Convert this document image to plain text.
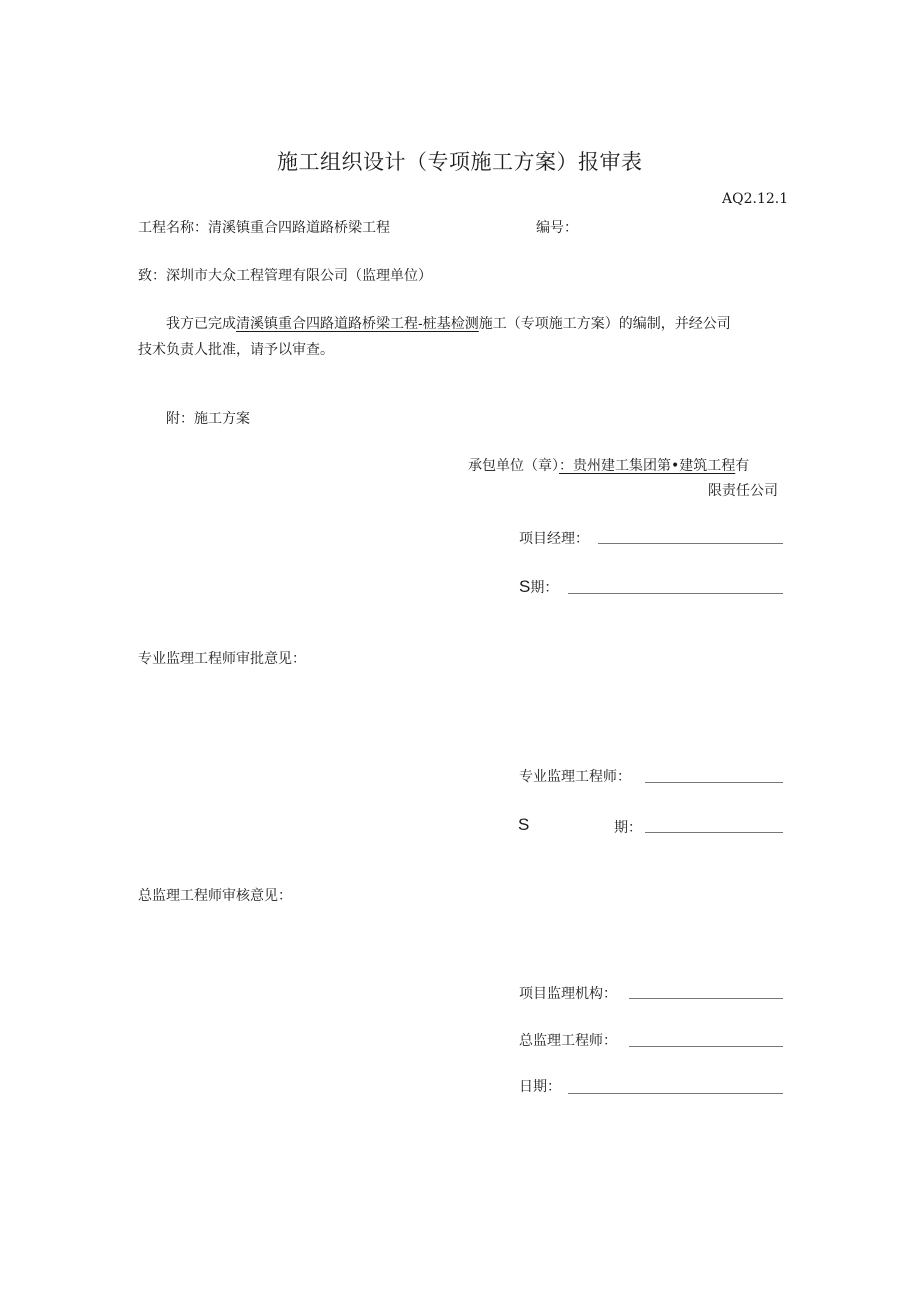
施工组织设计（专项施工方案）报审表
AQ2.12.1
工程名称：清溪镇重合四路道路桥梁工程	编号：
致：深圳市大众工程管理有限公司（监理单位）
我方已完成清溪镇重合四路道路桥梁工程-桩基检测施工（专项施工方案）的编制，并经公司
技术负责人批准，请予以审查。
附：施工方案
承包单位（章）：贵州建工集团第•建筑工程有
限责任公司
项目经理：
S期：
专业监理工程师审批意见：
专业监理工程师：
S	期：
总监理工程师审核意见：
项目监理机构：
总监理工程师：
日期：
